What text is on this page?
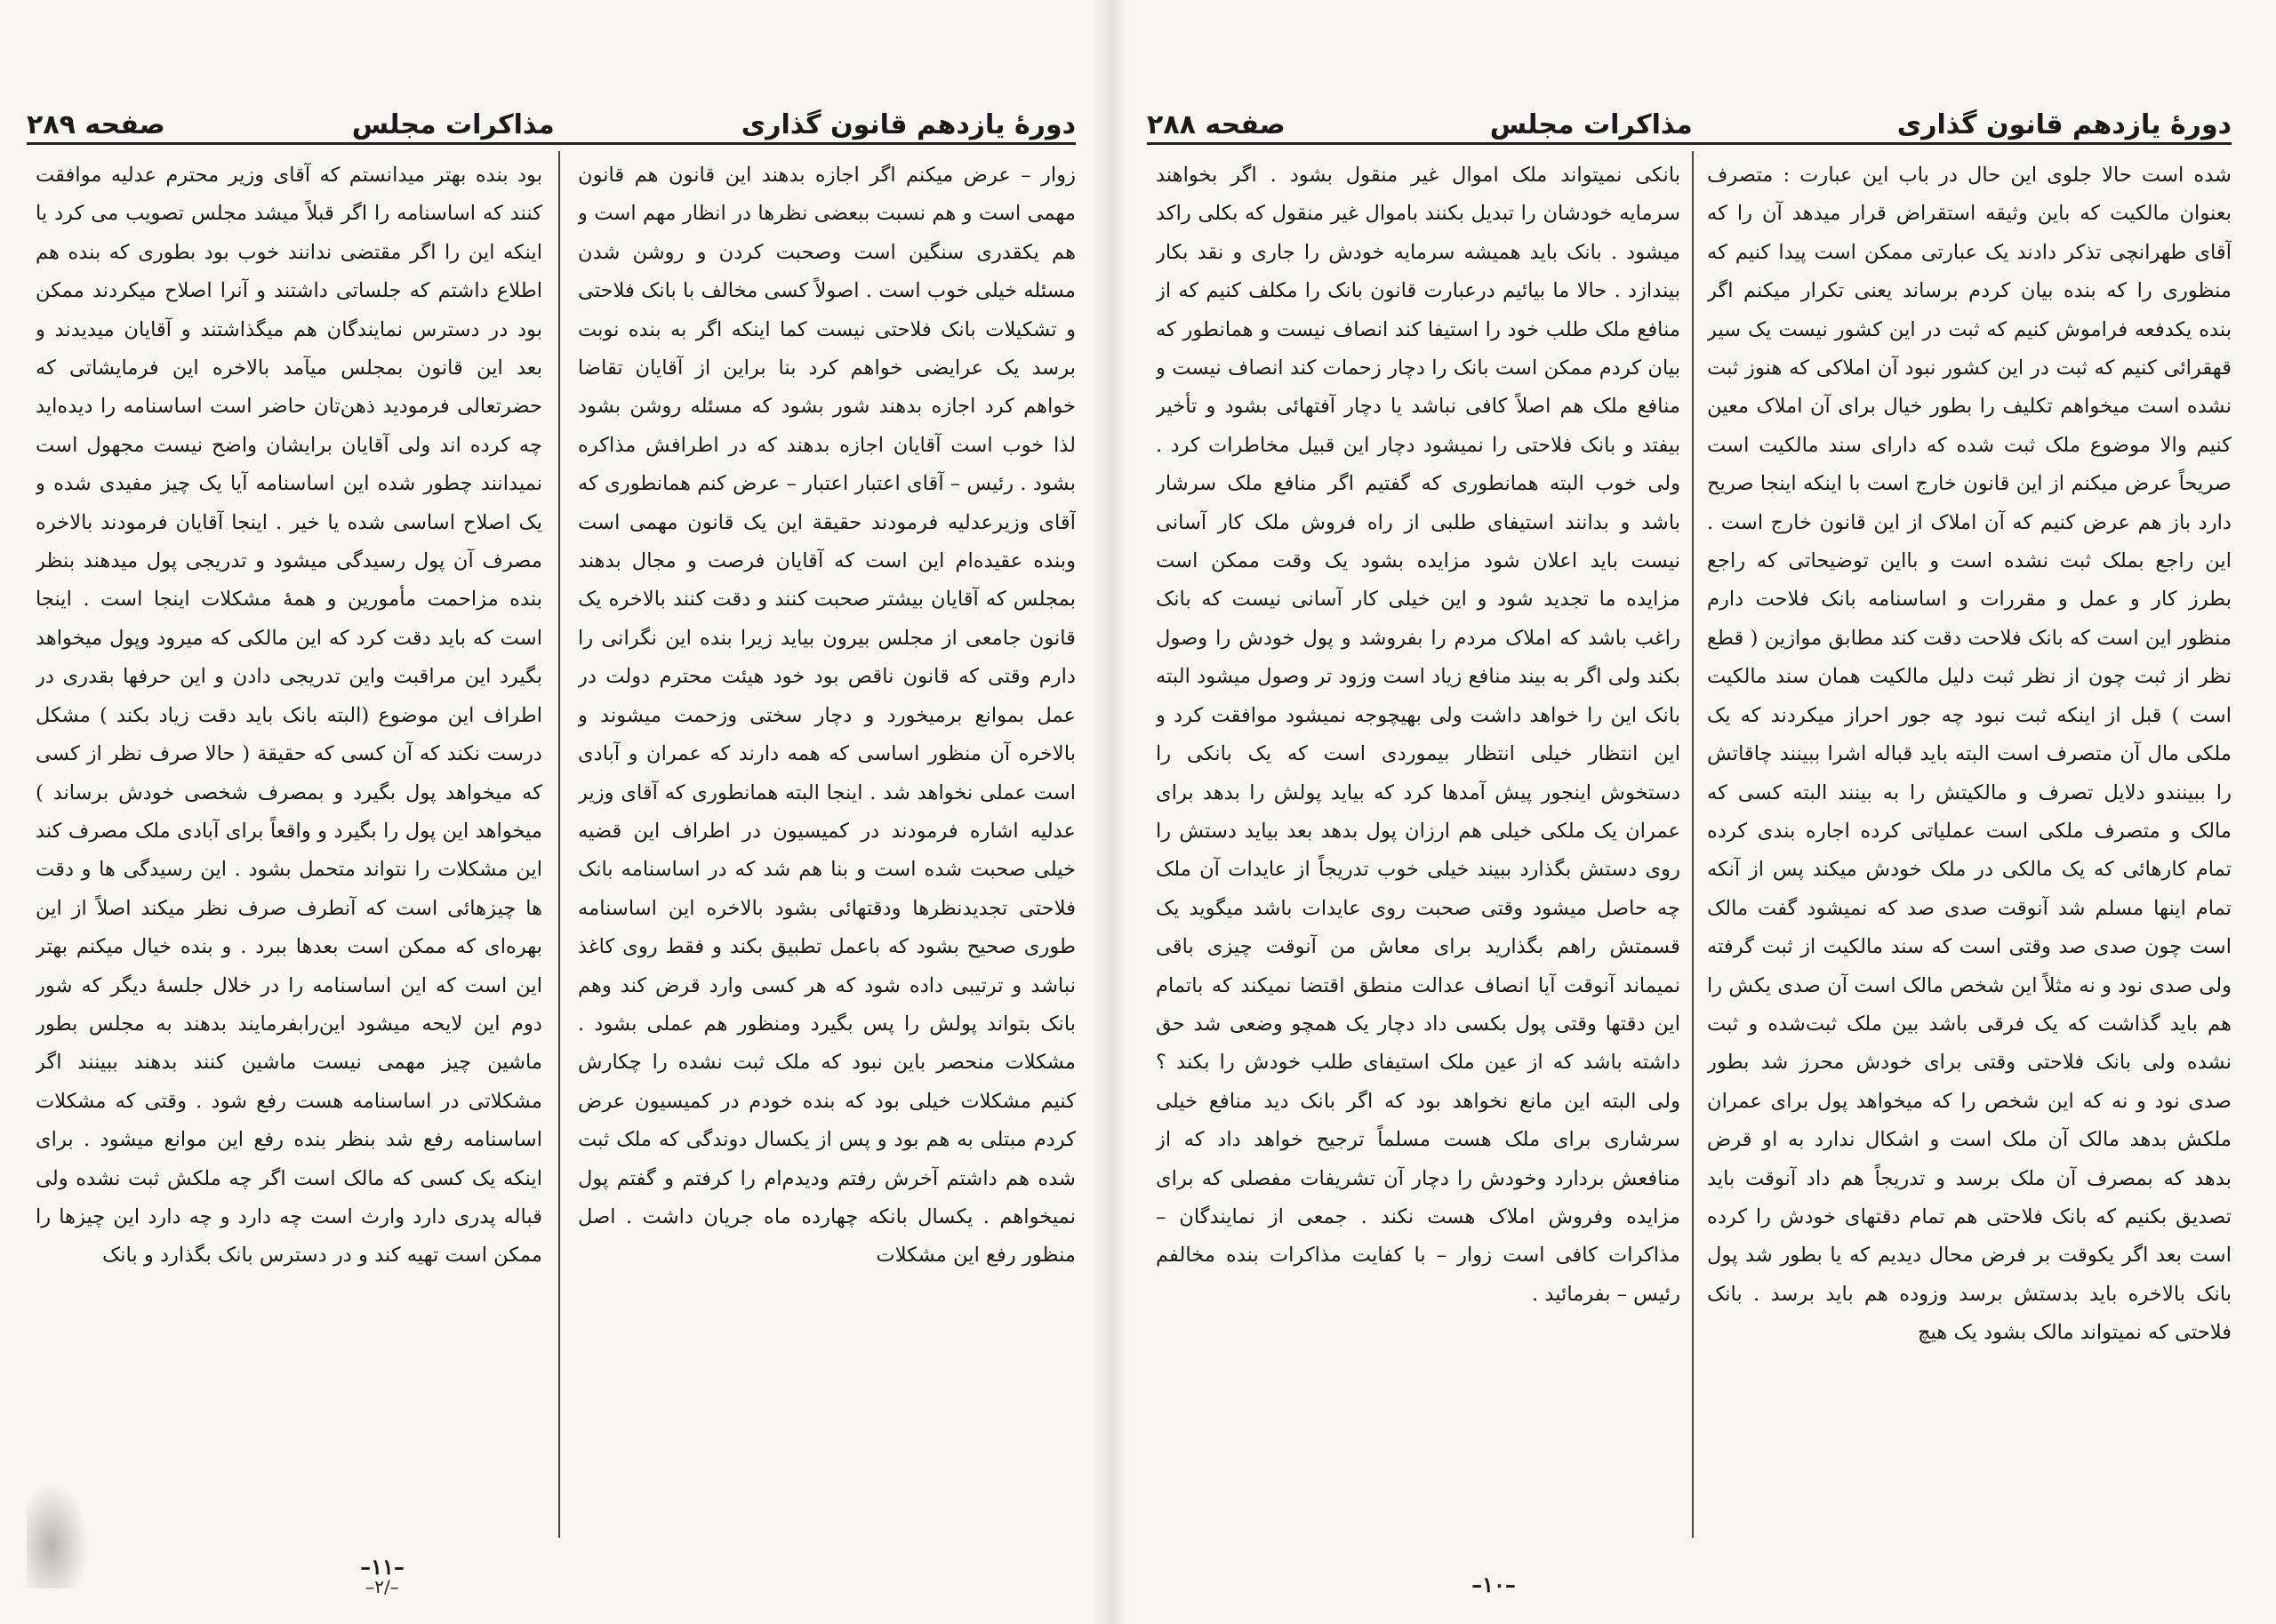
دورهٔ یازدهم قانون گذاری
مذاکرات مجلس
صفحه ۲۸۹

زوار – عرض میکنم اگر اجازه بدهند این قانون هم قانون مهمی است و هم نسبت ببعضی نظرها در انظار مهم است و هم یکقدری سنگین است وصحبت کردن و روشن شدن مسئله خیلی خوب است . اصولاً کسی مخالف با بانک فلاحتی و تشکیلات بانک فلاحتی نیست کما اینکه اگر به بنده نوبت برسد یک عرایضی خواهم کرد بنا براین از آقایان تقاضا خواهم کرد اجازه بدهند شور بشود که مسئله روشن بشود لذا خوب است آقایان اجازه بدهند که در اطرافش مذاکره بشود . رئیس – آقای اعتبار اعتبار – عرض کنم همانطوری که آقای وزیرعدلیه فرمودند حقیقة این یک قانون مهمی است وبنده عقیده‌ام این است که آقایان فرصت و مجال بدهند بمجلس که آقایان بیشتر صحبت کنند و دقت کنند بالاخره یک قانون جامعی از مجلس بیرون بیاید زیرا بنده این نگرانی را دارم وقتی که قانون ناقص بود خود هیئت محترم دولت در عمل بموانع برمیخورد و دچار سختی وزحمت میشوند و بالاخره آن منظور اساسی که همه دارند که عمران و آبادی است عملی نخواهد شد . اینجا البته همانطوری که آقای وزیر عدلیه اشاره فرمودند در کمیسیون در اطراف این قضیه خیلی صحبت شده است و بنا هم شد که در اساسنامه بانک فلاحتی تجدیدنظرها ودقتهائی بشود بالاخره این اساسنامه طوری صحیح بشود که باعمل تطبیق بکند و فقط روی کاغذ نباشد و ترتیبی داده شود که هر کسی وارد قرض کند وهم بانک بتواند پولش را پس بگیرد ومنظور هم عملی بشود . مشکلات منحصر باین نبود که ملک ثبت نشده را چکارش کنیم مشکلات خیلی بود که بنده خودم در کمیسیون عرض کردم مبتلی به هم بود و پس از یکسال دوندگی که ملک ثبت شده هم داشتم آخرش رفتم ودیدم‌ام را کرفتم و گفتم پول نمیخواهم . یکسال بانکه چهارده ماه جریان داشت . اصل منظور رفع این مشکلات

بود بنده بهتر میدانستم که آقای وزیر محترم عدلیه موافقت کنند که اساسنامه را اگر قبلاً میشد مجلس تصویب می کرد یا اینکه این را اگر مقتضی ندانند خوب بود بطوری که بنده هم اطلاع داشتم که جلساتی داشتند و آنرا اصلاح میکردند ممکن بود در دسترس نمایندگان هم میگذاشتند و آقایان میدیدند و بعد این قانون بمجلس میآمد بالاخره این فرمایشاتی که حضرتعالی فرمودید ذهن‌تان حاضر است اساسنامه را دیده‌اید چه کرده اند ولی آقایان برایشان واضح نیست مجهول است نمیدانند چطور شده این اساسنامه آیا یک چیز مفیدی شده و یک اصلاح اساسی شده یا خیر . اینجا آقایان فرمودند بالاخره مصرف آن پول رسیدگی میشود و تدریجی پول میدهند بنظر بنده مزاحمت مأمورین و همهٔ مشکلات اینجا است . اینجا است که باید دقت کرد که این مالکی که میرود وپول میخواهد بگیرد این مراقبت واین تدریجی دادن و این حرفها بقدری در اطراف این موضوع (البته بانک باید دقت زیاد بکند ) مشکل درست نکند که آن کسی که حقیقة ( حالا صرف نظر از کسی که میخواهد پول بگیرد و بمصرف شخصی خودش برساند ) میخواهد این پول را بگیرد و واقعاً برای آبادی ملک مصرف کند این مشکلات را نتواند متحمل بشود . این رسیدگی ها و دقت ها چیزهائی است که آنطرف صرف نظر میکند اصلاً از این بهره‌ای که ممکن است بعدها ببرد . و بنده خیال میکنم بهتر این است که این اساسنامه را در خلال جلسهٔ دیگر که شور دوم این لایحه میشود این‌رابفرمایند بدهند به مجلس بطور ماشین چیز مهمی نیست ماشین کنند بدهند ببینند اگر مشکلاتی در اساسنامه هست رفع شود . وقتی که مشکلات اساسنامه رفع شد بنظر بنده رفع این موانع میشود . برای اینکه یک کسی که مالک است اگر چه ملکش ثبت نشده ولی قباله پدری دارد وارث است چه دارد و چه دارد این چیزها را ممکن است تهیه کند و در دسترس بانک بگذارد و بانک

–۱۱–
–۲/–
دورهٔ یازدهم قانون گذاری
مذاکرات مجلس
صفحه ۲۸۸

شده است حالا جلوی این حال در باب این عبارت : متصرف بعنوان مالکیت که باین وثیقه استقراض قرار میدهد آن را که آقای طهرانچی تذکر دادند یک عبارتی ممکن است پیدا کنیم که منظوری را که بنده بیان کردم برساند یعنی تکرار میکنم اگر بنده یکدفعه فراموش کنیم که ثبت در این کشور نیست یک سیر قهقرائی کنیم که ثبت در این کشور نبود آن املاکی که هنوز ثبت نشده است میخواهم تکلیف را بطور خیال برای آن املاک معین کنیم والا موضوع ملک ثبت شده که دارای سند مالکیت است صریحاً عرض میکنم از این قانون خارج است با اینکه اینجا صریح دارد باز هم عرض کنیم که آن املاک از این قانون خارج است . این راجع بملک ثبت نشده است و بااین توضیحاتی که راجع بطرز کار و عمل و مقررات و اساسنامه بانک فلاحت دارم منظور این است که بانک فلاحت دقت کند مطابق موازین ( قطع نظر از ثبت چون از نظر ثبت دلیل مالکیت همان سند مالکیت است ) قبل از اینکه ثبت نبود چه جور احراز میکردند که یک ملکی مال آن متصرف است البته باید قباله اشرا ببینند چاقاتش را ببینندو دلایل تصرف و مالکیتش را به بینند البته کسی که مالک و متصرف ملکی است عملیاتی کرده اجاره بندی کرده تمام کارهائی که یک مالکی در ملک خودش میکند پس از آنکه تمام اینها مسلم شد آنوقت صدی صد که نمیشود گفت مالک است چون صدی صد وقتی است که سند مالکیت از ثبت گرفته ولی صدی نود و نه مثلاً این شخص مالک است آن صدی یکش را هم باید گذاشت که یک فرقی باشد بین ملک ثبت‌شده و ثبت نشده ولی بانک فلاحتی وقتی برای خودش محرز شد بطور صدی نود و نه که این شخص را که میخواهد پول برای عمران ملکش بدهد مالک آن ملک است و اشکال ندارد به او قرض بدهد که بمصرف آن ملک برسد و تدریجاً هم داد آنوقت باید تصدیق بکنیم که بانک فلاحتی هم تمام دقتهای خودش را کرده است بعد اگر یکوقت بر فرض محال دیدیم که یا بطور شد پول بانک بالاخره باید بدستش برسد وزوده هم باید برسد . بانک فلاحتی که نمیتواند مالک بشود یک هیچ

بانکی نمیتواند ملک اموال غیر منقول بشود . اگر بخواهند سرمایه خودشان را تبدیل بکنند باموال غیر منقول که بکلی راکد میشود . بانک باید همیشه سرمایه خودش را جاری و نقد بکار بیندازد . حالا ما بیائیم درعبارت قانون بانک را مکلف کنیم که از منافع ملک طلب خود را استیفا کند انصاف نیست و همانطور که بیان کردم ممکن است بانک را دچار زحمات کند انصاف نیست و منافع ملک هم اصلاً کافی نباشد یا دچار آفتهائی بشود و تأخیر بیفتد و بانک فلاحتی را نمیشود دچار این قبیل مخاطرات کرد . ولی خوب البته همانطوری که گفتیم اگر منافع ملک سرشار باشد و بدانند استیفای طلبی از راه فروش ملک کار آسانی نیست باید اعلان شود مزایده بشود یک وقت ممکن است مزایده ما تجدید شود و این خیلی کار آسانی نیست که بانک راغب باشد که املاک مردم را بفروشد و پول خودش را وصول بکند ولی اگر به بیند منافع زیاد است وزود تر وصول میشود البته بانک این را خواهد داشت ولی بهیچوجه نمیشود موافقت کرد و این انتظار خیلی انتظار بیموردی است که یک بانکی را دستخوش اینجور پیش آمدها کرد که بیاید پولش را بدهد برای عمران یک ملکی خیلی هم ارزان پول بدهد بعد بیاید دستش را روی دستش بگذارد ببیند خیلی خوب تدریجاً از عایدات آن ملک چه حاصل میشود وقتی صحبت روی عایدات باشد میگوید یک قسمتش راهم بگذارید برای معاش من آنوقت چیزی باقی نمیماند آنوقت آیا انصاف عدالت منطق اقتضا نمیکند که باتمام این دقتها وقتی پول بکسی داد دچار یک همچو وضعی شد حق داشته باشد که از عین ملک استیفای طلب خودش را بکند ؟ ولی البته این مانع نخواهد بود که اگر بانک دید منافع خیلی سرشاری برای ملک هست مسلماً ترجیح خواهد داد که از منافعش بردارد وخودش را دچار آن تشریفات مفصلی که برای مزایده وفروش املاک هست نکند . جمعی از نمایندگان – مذاکرات کافی است زوار – با کفایت مذاکرات بنده مخالفم رئیس – بفرمائید .

–۱۰–
